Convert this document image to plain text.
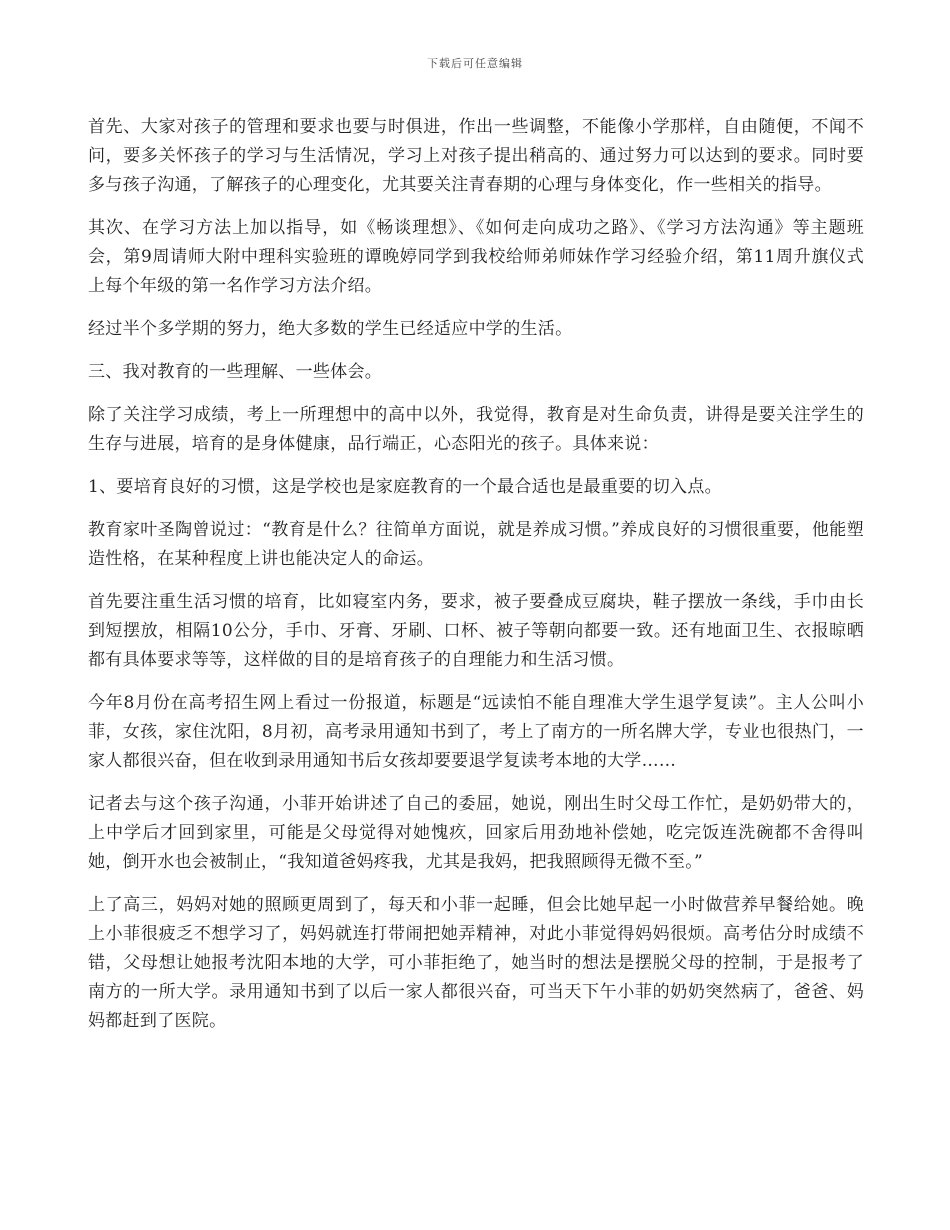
下载后可任意编辑

首先、大家对孩子的管理和要求也要与时俱进，作出一些调整，不能像小学那样，自由随便，不闻不问，要多关怀孩子的学习与生活情况，学习上对孩子提出稍高的、通过努力可以达到的要求。同时要多与孩子沟通，了解孩子的心理变化，尤其要关注青春期的心理与身体变化，作一些相关的指导。

其次、在学习方法上加以指导，如《畅谈理想》、《如何走向成功之路》、《学习方法沟通》等主题班会，第9周请师大附中理科实验班的谭晚婷同学到我校给师弟师妹作学习经验介绍，第11周升旗仪式上每个年级的第一名作学习方法介绍。

经过半个多学期的努力，绝大多数的学生已经适应中学的生活。

三、我对教育的一些理解、一些体会。

除了关注学习成绩，考上一所理想中的高中以外，我觉得，教育是对生命负责，讲得是要关注学生的生存与进展，培育的是身体健康，品行端正，心态阳光的孩子。具体来说：

1、要培育良好的习惯，这是学校也是家庭教育的一个最合适也是最重要的切入点。

教育家叶圣陶曾说过：“教育是什么？往简单方面说，就是养成习惯。”养成良好的习惯很重要，他能塑造性格，在某种程度上讲也能决定人的命运。

首先要注重生活习惯的培育，比如寝室内务，要求，被子要叠成豆腐块，鞋子摆放一条线，手巾由长到短摆放，相隔10公分，手巾、牙膏、牙刷、口杯、被子等朝向都要一致。还有地面卫生、衣报晾晒都有具体要求等等，这样做的目的是培育孩子的自理能力和生活习惯。

今年8月份在高考招生网上看过一份报道，标题是“远读怕不能自理准大学生退学复读”。主人公叫小菲，女孩，家住沈阳，8月初，高考录用通知书到了，考上了南方的一所名牌大学，专业也很热门，一家人都很兴奋，但在收到录用通知书后女孩却要要退学复读考本地的大学……

记者去与这个孩子沟通，小菲开始讲述了自己的委屈，她说，刚出生时父母工作忙，是奶奶带大的，上中学后才回到家里，可能是父母觉得对她愧疚，回家后用劲地补偿她，吃完饭连洗碗都不舍得叫她，倒开水也会被制止，“我知道爸妈疼我，尤其是我妈，把我照顾得无微不至。”

上了高三，妈妈对她的照顾更周到了，每天和小菲一起睡，但会比她早起一小时做营养早餐给她。晚上小菲很疲乏不想学习了，妈妈就连打带闹把她弄精神，对此小菲觉得妈妈很烦。高考估分时成绩不错，父母想让她报考沈阳本地的大学，可小菲拒绝了，她当时的想法是摆脱父母的控制，于是报考了南方的一所大学。录用通知书到了以后一家人都很兴奋，可当天下午小菲的奶奶突然病了，爸爸、妈妈都赶到了医院。
